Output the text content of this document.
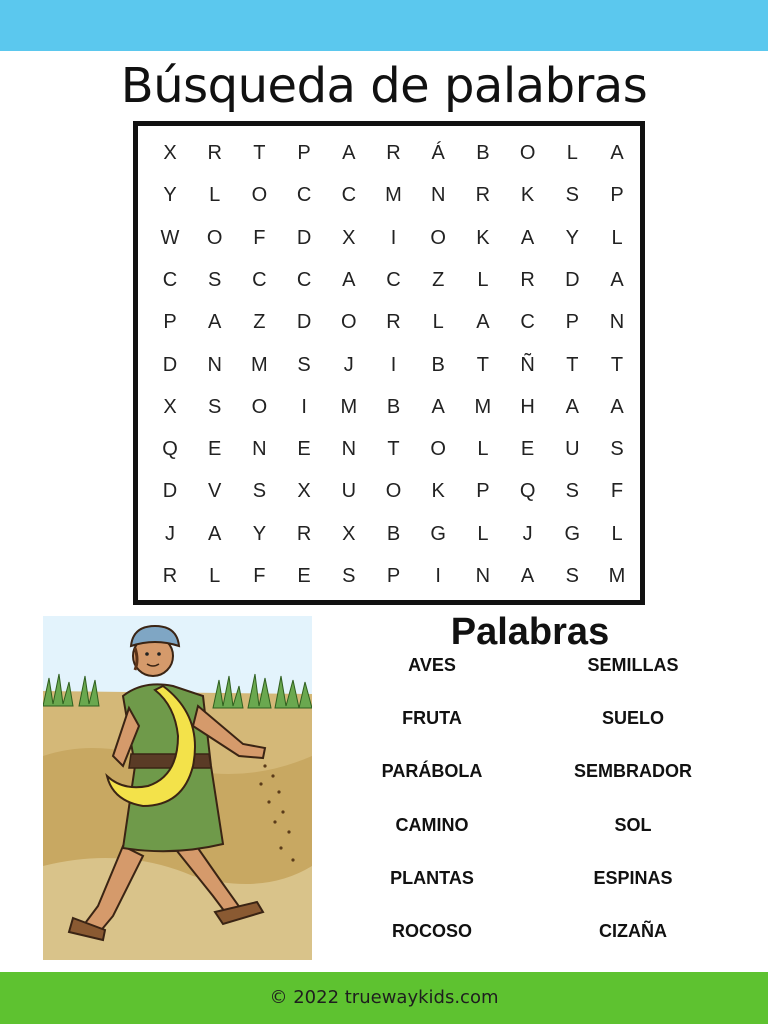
Búsqueda de palabras
X	R	T	P	A	R	Á	B	O	L	A
Y	L	O	C	C	M	N	R	K	S	P
W	O	F	D	X	I	O	K	A	Y	L
C	S	C	C	A	C	Z	L	R	D	A
P	A	Z	D	O	R	L	A	C	P	N
D	N	M	S	J	I	B	T	Ñ	T	T
X	S	O	I	M	B	A	M	H	A	A
Q	E	N	E	N	T	O	L	E	U	S
D	V	S	X	U	O	K	P	Q	S	F
J	A	Y	R	X	B	G	L	J	G	L
R	L	F	E	S	P	I	N	A	S	M
Palabras
AVES
FRUTA
PARÁBOLA
CAMINO
PLANTAS
ROCOSO
SEMILLAS
SUELO
SEMBRADOR
SOL
ESPINAS
CIZAÑA
© 2022 truewaykids.com
